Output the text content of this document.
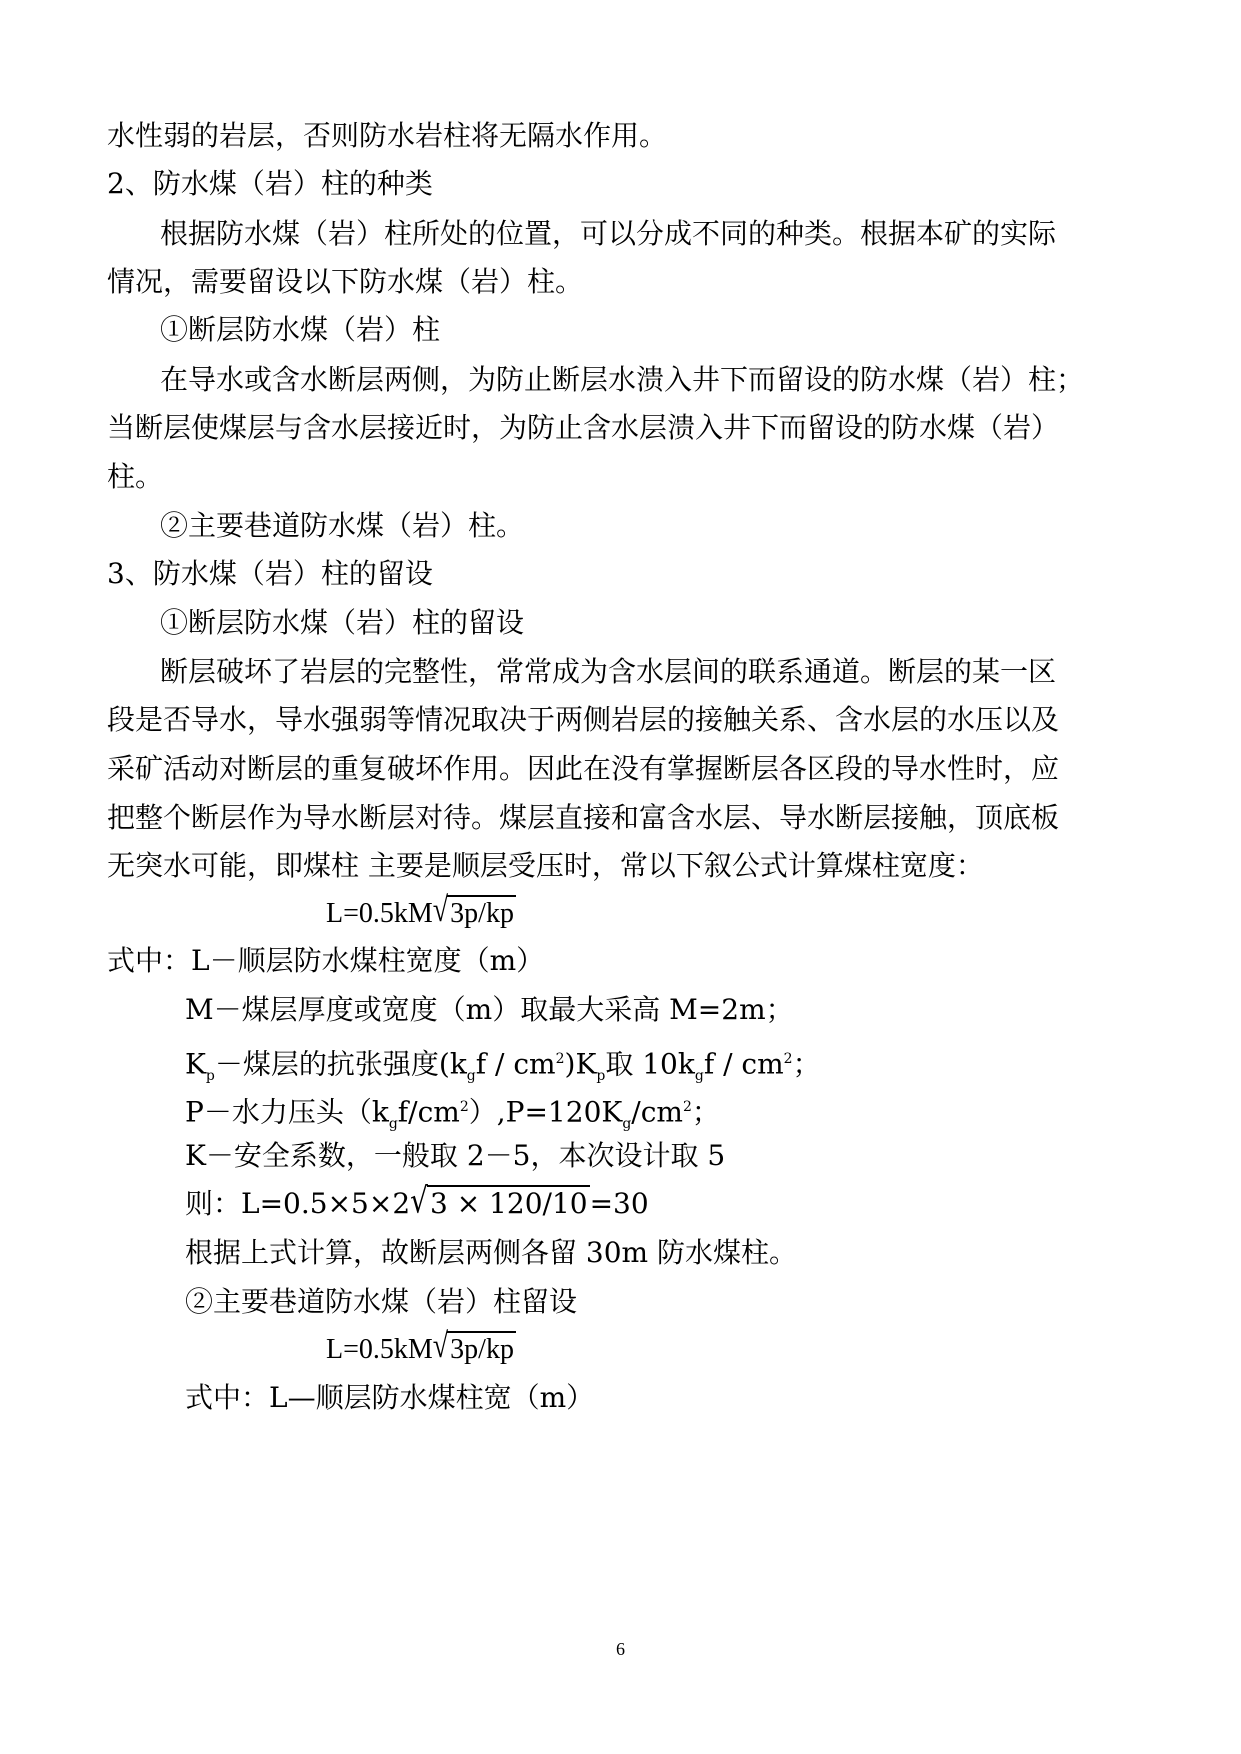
水性弱的岩层，否则防水岩柱将无隔水作用。
2、防水煤（岩）柱的种类
根据防水煤（岩）柱所处的位置，可以分成不同的种类。根据本矿的实际
情况，需要留设以下防水煤（岩）柱。
①断层防水煤（岩）柱
在导水或含水断层两侧，为防止断层水溃入井下而留设的防水煤（岩）柱；
当断层使煤层与含水层接近时，为防止含水层溃入井下而留设的防水煤（岩）
柱。
②主要巷道防水煤（岩）柱。
3、防水煤（岩）柱的留设
①断层防水煤（岩）柱的留设
断层破坏了岩层的完整性，常常成为含水层间的联系通道。断层的某一区
段是否导水，导水强弱等情况取决于两侧岩层的接触关系、含水层的水压以及
采矿活动对断层的重复破坏作用。因此在没有掌握断层各区段的导水性时，应
把整个断层作为导水断层对待。煤层直接和富含水层、导水断层接触，顶底板
无突水可能，即煤柱 主要是顺层受压时，常以下叙公式计算煤柱宽度：
L=0.5kM√3p/kp
式中：L－顺层防水煤柱宽度（m）
M－煤层厚度或宽度（m）取最大采高 M=2m；
$K_p-$煤层的抗张强度$(k_gf / cm^2)K_p$取 $10k_gf / cm^2$；
P－水力压头$(k_gf/cm^2),P=120K_g/cm^2$；
K－安全系数，一般取 2－5，本次设计取 5
则：L=0.5×5×2√3 × 120/10=30
根据上式计算，故断层两侧各留 30m 防水煤柱。
②主要巷道防水煤（岩）柱留设
L=0.5kM√3p/kp
式中：L—顺层防水煤柱宽（m）
6
